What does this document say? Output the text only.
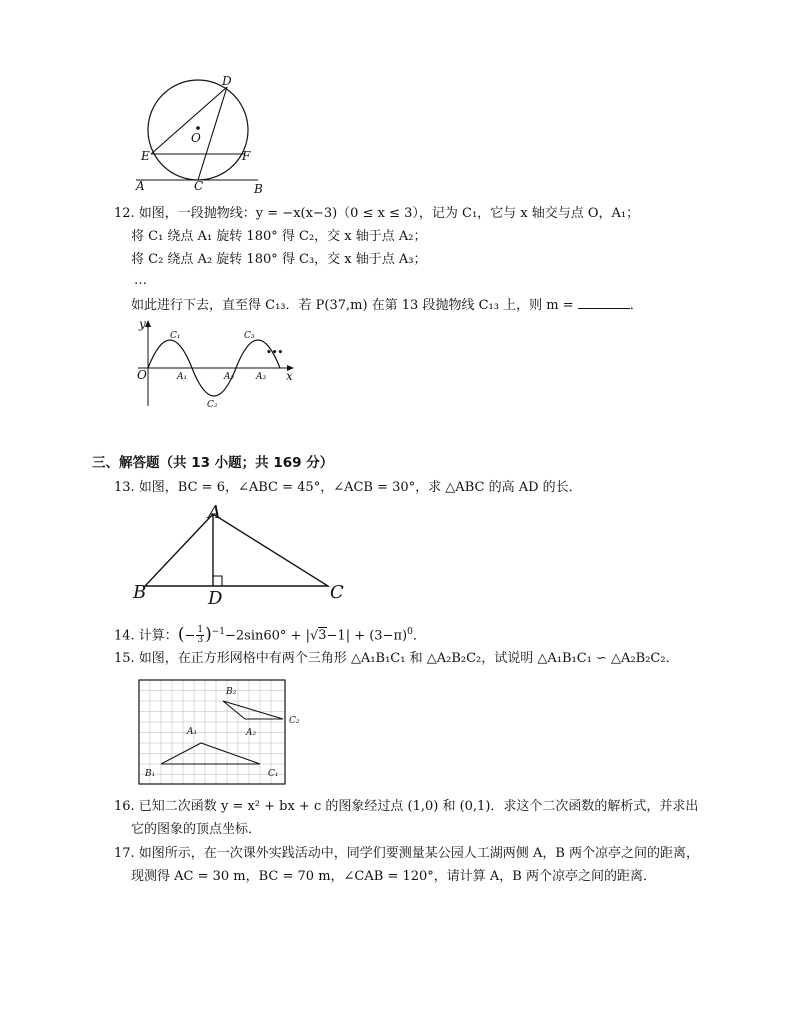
D
O
E	F
A	C	B
12. 如图，一段抛物线：y = −x(x−3)（0 ≤ x ≤ 3），记为 C₁，它与 x 轴交与点 O，A₁；
将 C₁ 绕点 A₁ 旋转 180° 得 C₂，交 x 轴于点 A₂；
将 C₂ 绕点 A₂ 旋转 180° 得 C₃，交 x 轴于点 A₃；
…
如此进行下去，直至得 C₁₃．若 P(37,m) 在第 13 段抛物线 C₁₃ 上，则 m =	．
y
x
O
C₁
C₂
C₃
A₁	A₂ A₃
•••
三、解答题（共 13 小题；共 169 分）
13. 如图，BC = 6，∠ABC = 45°，∠ACB = 30°，求 △ABC 的高 AD 的长．
A
B	C
D
14. 计算：(− $\frac{1}{3} )^{-1}-2\sin 60^\circ + |√3-1| + (3-\pi)^0$．
15. 如图，在正方形网格中有两个三角形 △A₁B₁C₁ 和 △A₂B₂C₂，试说明 △A₁B₁C₁ ∽ △A₂B₂C₂．
B₂
C₂
A₁	A₂
B₁	C₁
16. 已知二次函数 y = x² + bx + c 的图象经过点 (1,0) 和 (0,1)．求这个二次函数的解析式，并求出
它的图象的顶点坐标．
17. 如图所示，在一次课外实践活动中，同学们要测量某公园人工湖两侧 A，B 两个凉亭之间的距离，
现测得 AC = 30 m，BC = 70 m，∠CAB = 120°，请计算 A，B 两个凉亭之间的距离．
